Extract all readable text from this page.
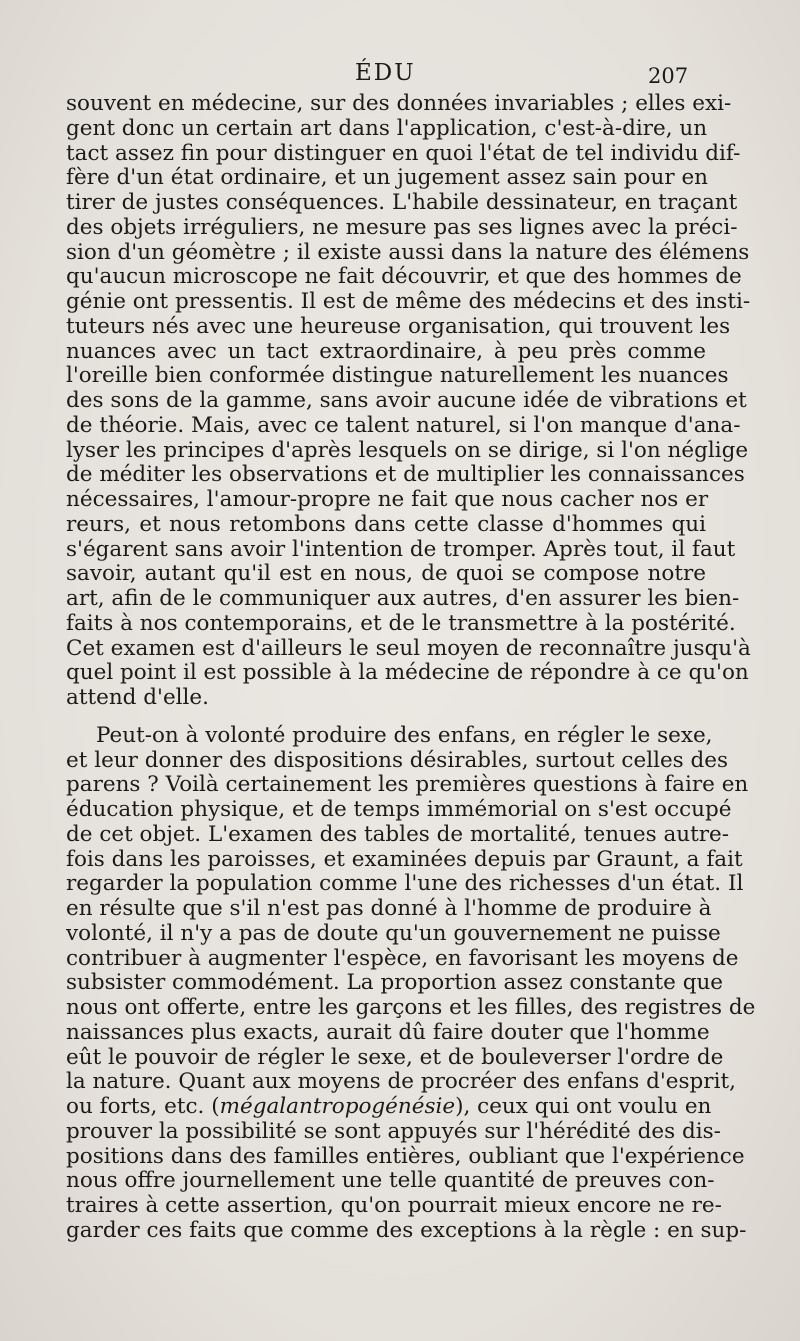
ÉDU	207
souvent en médecine, sur des données invariables ; elles exi-
gent donc un certain art dans l'application, c'est-à-dire, un
tact assez fin pour distinguer en quoi l'état de tel individu dif-
fère d'un état ordinaire, et un jugement assez sain pour en
tirer de justes conséquences. L'habile dessinateur, en traçant
des objets irréguliers, ne mesure pas ses lignes avec la préci-
sion d'un géomètre ; il existe aussi dans la nature des élémens
qu'aucun microscope ne fait découvrir, et que des hommes de
génie ont pressentis. Il est de même des médecins et des insti-
tuteurs nés avec une heureuse organisation, qui trouvent les
nuances avec un tact extraordinaire, à peu près comme
l'oreille bien conformée distingue naturellement les nuances
des sons de la gamme, sans avoir aucune idée de vibrations et
de théorie. Mais, avec ce talent naturel, si l'on manque d'ana-
lyser les principes d'après lesquels on se dirige, si l'on néglige
de méditer les observations et de multiplier les connaissances
nécessaires, l'amour-propre ne fait que nous cacher nos er
reurs, et nous retombons dans cette classe d'hommes qui
s'égarent sans avoir l'intention de tromper. Après tout, il faut
savoir, autant qu'il est en nous, de quoi se compose notre
art, afin de le communiquer aux autres, d'en assurer les bien-
faits à nos contemporains, et de le transmettre à la postérité.
Cet examen est d'ailleurs le seul moyen de reconnaître jusqu'à
quel point il est possible à la médecine de répondre à ce qu'on
attend d'elle.
Peut-on à volonté produire des enfans, en régler le sexe,
et leur donner des dispositions désirables, surtout celles des
parens ? Voilà certainement les premières questions à faire en
éducation physique, et de temps immémorial on s'est occupé
de cet objet. L'examen des tables de mortalité, tenues autre-
fois dans les paroisses, et examinées depuis par Graunt, a fait
regarder la population comme l'une des richesses d'un état. Il
en résulte que s'il n'est pas donné à l'homme de produire à
volonté, il n'y a pas de doute qu'un gouvernement ne puisse
contribuer à augmenter l'espèce, en favorisant les moyens de
subsister commodément. La proportion assez constante que
nous ont offerte, entre les garçons et les filles, des registres de
naissances plus exacts, aurait dû faire douter que l'homme
eût le pouvoir de régler le sexe, et de bouleverser l'ordre de
la nature. Quant aux moyens de procréer des enfans d'esprit,
ou forts, etc. (mégalantropogénésie), ceux qui ont voulu en
prouver la possibilité se sont appuyés sur l'hérédité des dis-
positions dans des familles entières, oubliant que l'expérience
nous offre journellement une telle quantité de preuves con-
traires à cette assertion, qu'on pourrait mieux encore ne re-
garder ces faits que comme des exceptions à la règle : en sup-
